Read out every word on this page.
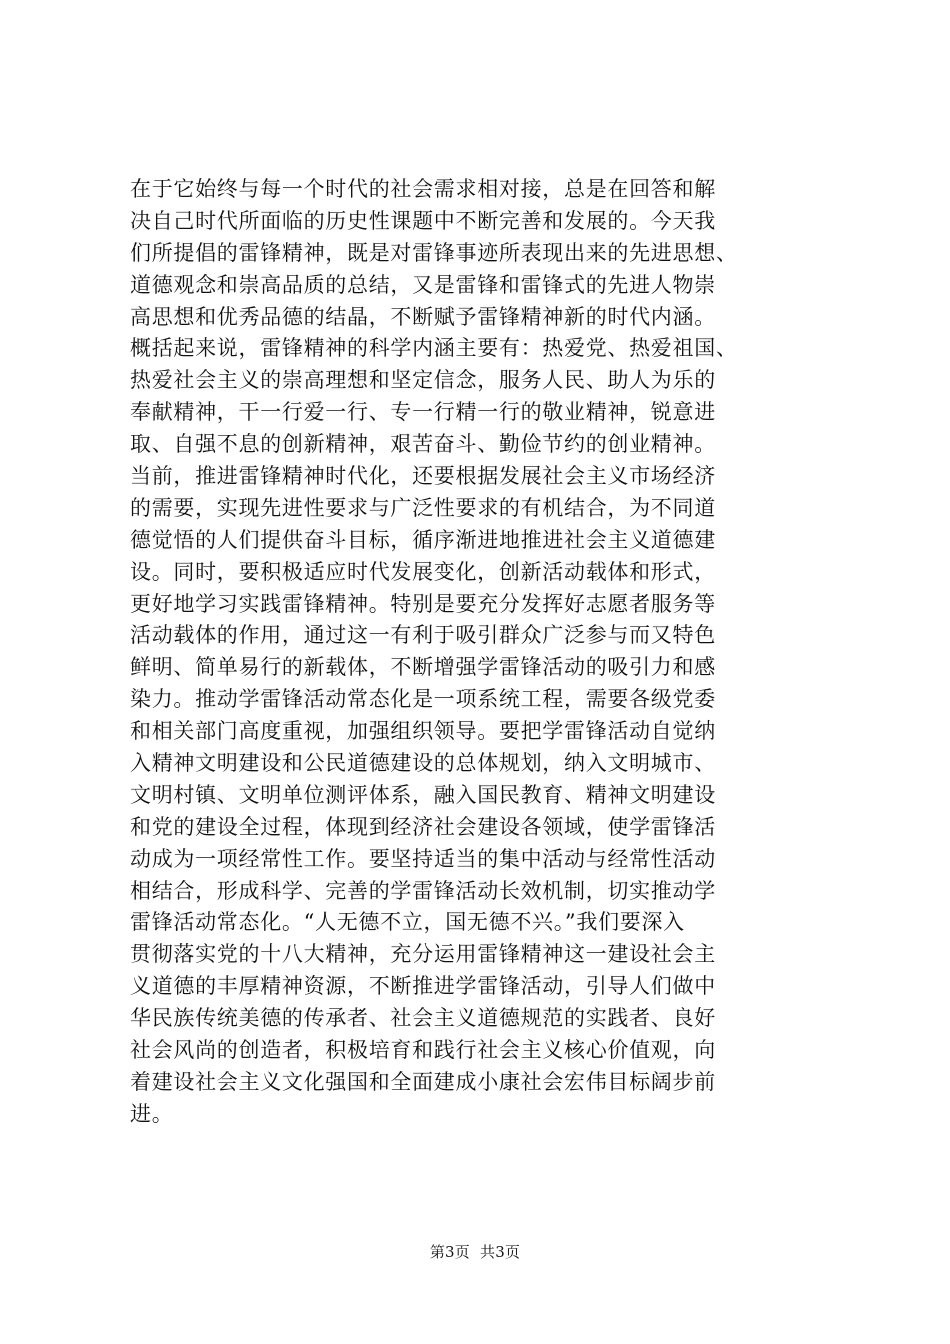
在于它始终与每一个时代的社会需求相对接，总是在回答和解
决自己时代所面临的历史性课题中不断完善和发展的。今天我
们所提倡的雷锋精神，既是对雷锋事迹所表现出来的先进思想、
道德观念和崇高品质的总结，又是雷锋和雷锋式的先进人物崇
高思想和优秀品德的结晶，不断赋予雷锋精神新的时代内涵。
概括起来说，雷锋精神的科学内涵主要有：热爱党、热爱祖国、
热爱社会主义的崇高理想和坚定信念，服务人民、助人为乐的
奉献精神，干一行爱一行、专一行精一行的敬业精神，锐意进
取、自强不息的创新精神，艰苦奋斗、勤俭节约的创业精神。
当前，推进雷锋精神时代化，还要根据发展社会主义市场经济
的需要，实现先进性要求与广泛性要求的有机结合，为不同道
德觉悟的人们提供奋斗目标，循序渐进地推进社会主义道德建
设。同时，要积极适应时代发展变化，创新活动载体和形式，
更好地学习实践雷锋精神。特别是要充分发挥好志愿者服务等
活动载体的作用，通过这一有利于吸引群众广泛参与而又特色
鲜明、简单易行的新载体，不断增强学雷锋活动的吸引力和感
染力。推动学雷锋活动常态化是一项系统工程，需要各级党委
和相关部门高度重视，加强组织领导。要把学雷锋活动自觉纳
入精神文明建设和公民道德建设的总体规划，纳入文明城市、
文明村镇、文明单位测评体系，融入国民教育、精神文明建设
和党的建设全过程，体现到经济社会建设各领域，使学雷锋活
动成为一项经常性工作。要坚持适当的集中活动与经常性活动
相结合，形成科学、完善的学雷锋活动长效机制，切实推动学
雷锋活动常态化。“人无德不立，国无德不兴。”我们要深入
贯彻落实党的十八大精神，充分运用雷锋精神这一建设社会主
义道德的丰厚精神资源，不断推进学雷锋活动，引导人们做中
华民族传统美德的传承者、社会主义道德规范的实践者、良好
社会风尚的创造者，积极培育和践行社会主义核心价值观，向
着建设社会主义文化强国和全面建成小康社会宏伟目标阔步前
进。
第3页 共3页
